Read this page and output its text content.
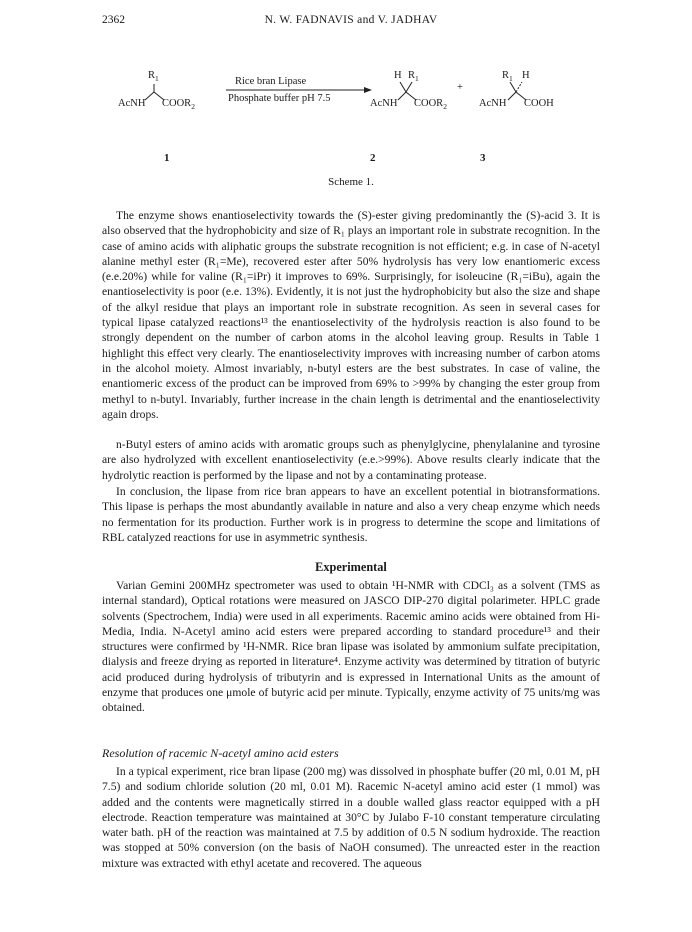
2362	N. W. FADNAVIS and V. JADHAV
$R_1$
AcNH $COOR_2$
Rice bran Lipase
Phosphate buffer pH 7.5
H $R_1$
AcNH $COOR_2$
+
$R_1$ H
AcNH COOH
1	2	3
Scheme 1.

The enzyme shows enantioselectivity towards the (S)-ester giving predominantly the (S)-acid 3. It is also observed that the hydrophobicity and size of R₁ plays an important role in substrate recognition. In the case of amino acids with aliphatic groups the substrate recognition is not efficient; e.g. in case of N-acetyl alanine methyl ester (R₁=Me), recovered ester after 50% hydrolysis has very low enantiomeric excess (e.e.20%) while for valine (R₁=iPr) it improves to 69%. Surprisingly, for isoleucine (R₁=iBu), again the enantioselectivity is poor (e.e. 13%). Evidently, it is not just the hydrophobicity but also the size and shape of the alkyl residue that plays an important role in substrate recognition. As seen in several cases for typical lipase catalyzed reactions¹³ the enantioselectivity of the hydrolysis reaction is also found to be strongly dependent on the number of carbon atoms in the alcohol leaving group. Results in Table 1 highlight this effect very clearly. The enantioselectivity improves with increasing number of carbon atoms in the alcohol moiety. Almost invariably, n-butyl esters are the best substrates. In case of valine, the enantiomeric excess of the product can be improved from 69% to >99% by changing the ester group from methyl to n-butyl. Invariably, further increase in the chain length is detrimental and the enantioselectivity again drops.

n-Butyl esters of amino acids with aromatic groups such as phenylglycine, phenylalanine and tyrosine are also hydrolyzed with excellent enantioselectivity (e.e.>99%). Above results clearly indicate that the hydrolytic reaction is performed by the lipase and not by a contaminating protease.

In conclusion, the lipase from rice bran appears to have an excellent potential in biotransformations. This lipase is perhaps the most abundantly available in nature and also a very cheap enzyme which needs no fermentation for its production. Further work is in progress to determine the scope and limitations of RBL catalyzed reactions for use in asymmetric synthesis.

Experimental

Varian Gemini 200MHz spectrometer was used to obtain ¹H-NMR with CDCl₃ as a solvent (TMS as internal standard), Optical rotations were measured on JASCO DIP-270 digital polarimeter. HPLC grade solvents (Spectrochem, India) were used in all experiments. Racemic amino acids were obtained from Hi-Media, India. N-Acetyl amino acid esters were prepared according to standard procedure¹³ and their structures were confirmed by ¹H-NMR. Rice bran lipase was isolated by ammonium sulfate precipitation, dialysis and freeze drying as reported in literature⁴. Enzyme activity was determined by titration of butyric acid produced during hydrolysis of tributyrin and is expressed in International Units as the amount of enzyme that produces one μmole of butyric acid per minute. Typically, enzyme activity of 75 units/mg was obtained.

Resolution of racemic N-acetyl amino acid esters

In a typical experiment, rice bran lipase (200 mg) was dissolved in phosphate buffer (20 ml, 0.01 M, pH 7.5) and sodium chloride solution (20 ml, 0.01 M). Racemic N-acetyl amino acid ester (1 mmol) was added and the contents were magnetically stirred in a double walled glass reactor equipped with a pH electrode. Reaction temperature was maintained at 30°C by Julabo F-10 constant temperature circulating water bath. pH of the reaction was maintained at 7.5 by addition of 0.5 N sodium hydroxide. The reaction was stopped at 50% conversion (on the basis of NaOH consumed). The unreacted ester in the reaction mixture was extracted with ethyl acetate and recovered. The aqueous
